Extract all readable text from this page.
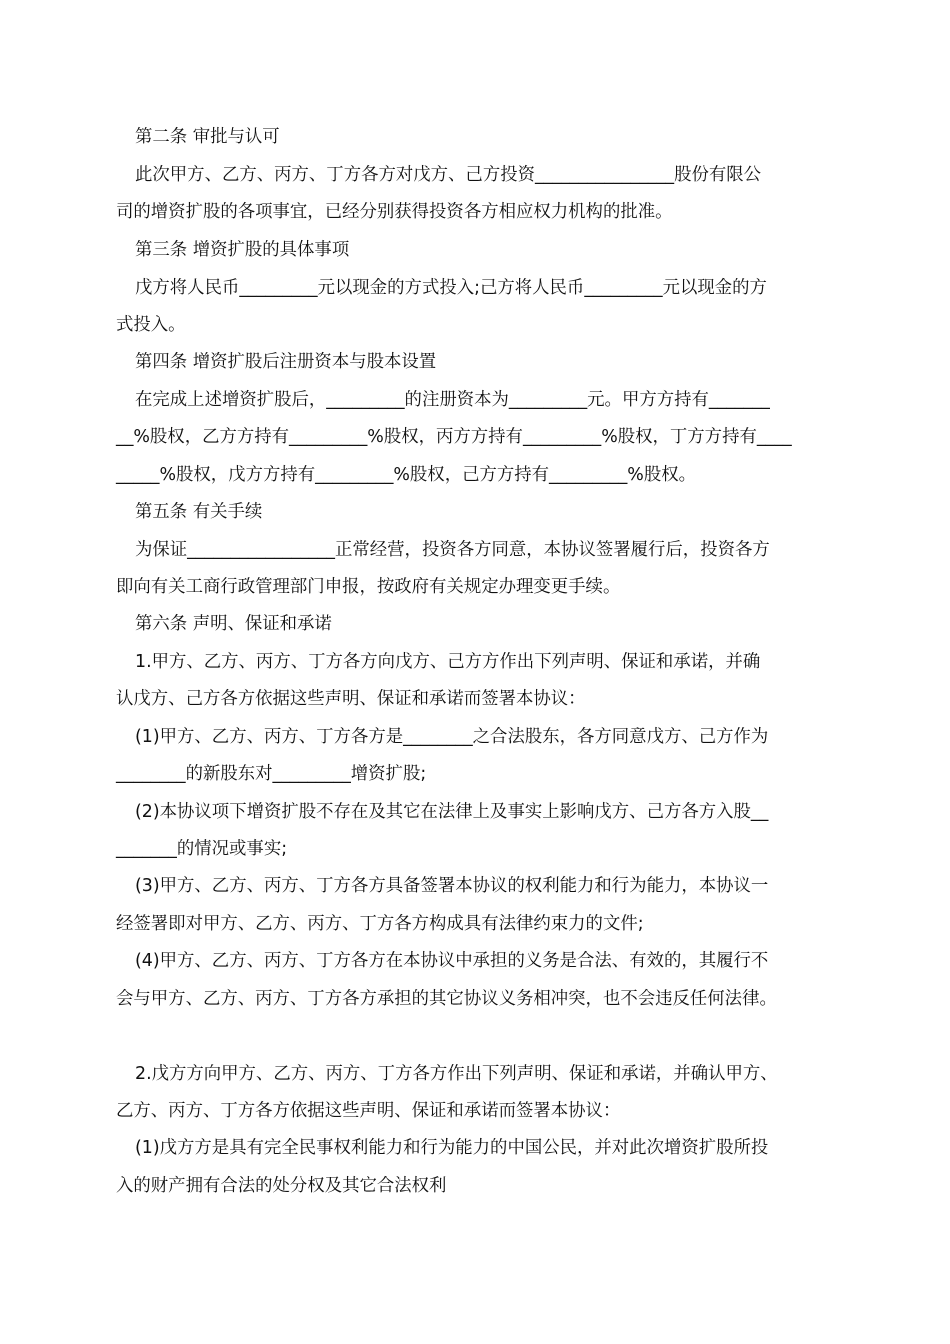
第二条 审批与认可
此次甲方、乙方、丙方、丁方各方对戊方、己方投资________________股份有限公
司的增资扩股的各项事宜，已经分别获得投资各方相应权力机构的批准。
第三条 增资扩股的具体事项
戊方将人民币_________元以现金的方式投入;己方将人民币_________元以现金的方
式投入。
第四条 增资扩股后注册资本与股本设置
在完成上述增资扩股后，_________的注册资本为_________元。甲方方持有_______
__%股权，乙方方持有_________%股权，丙方方持有_________%股权，丁方方持有____
_____%股权，戊方方持有_________%股权，己方方持有_________%股权。
第五条 有关手续
为保证_________________正常经营，投资各方同意，本协议签署履行后，投资各方
即向有关工商行政管理部门申报，按政府有关规定办理变更手续。
第六条 声明、保证和承诺
1.甲方、乙方、丙方、丁方各方向戊方、己方方作出下列声明、保证和承诺，并确
认戊方、己方各方依据这些声明、保证和承诺而签署本协议：
(1)甲方、乙方、丙方、丁方各方是________之合法股东，各方同意戊方、己方作为
________的新股东对_________增资扩股;
(2)本协议项下增资扩股不存在及其它在法律上及事实上影响戊方、己方各方入股__
_______的情况或事实;
(3)甲方、乙方、丙方、丁方各方具备签署本协议的权利能力和行为能力，本协议一
经签署即对甲方、乙方、丙方、丁方各方构成具有法律约束力的文件;
(4)甲方、乙方、丙方、丁方各方在本协议中承担的义务是合法、有效的，其履行不
会与甲方、乙方、丙方、丁方各方承担的其它协议义务相冲突，也不会违反任何法律。
2.戊方方向甲方、乙方、丙方、丁方各方作出下列声明、保证和承诺，并确认甲方、
乙方、丙方、丁方各方依据这些声明、保证和承诺而签署本协议：
(1)戊方方是具有完全民事权利能力和行为能力的中国公民，并对此次增资扩股所投
入的财产拥有合法的处分权及其它合法权利
